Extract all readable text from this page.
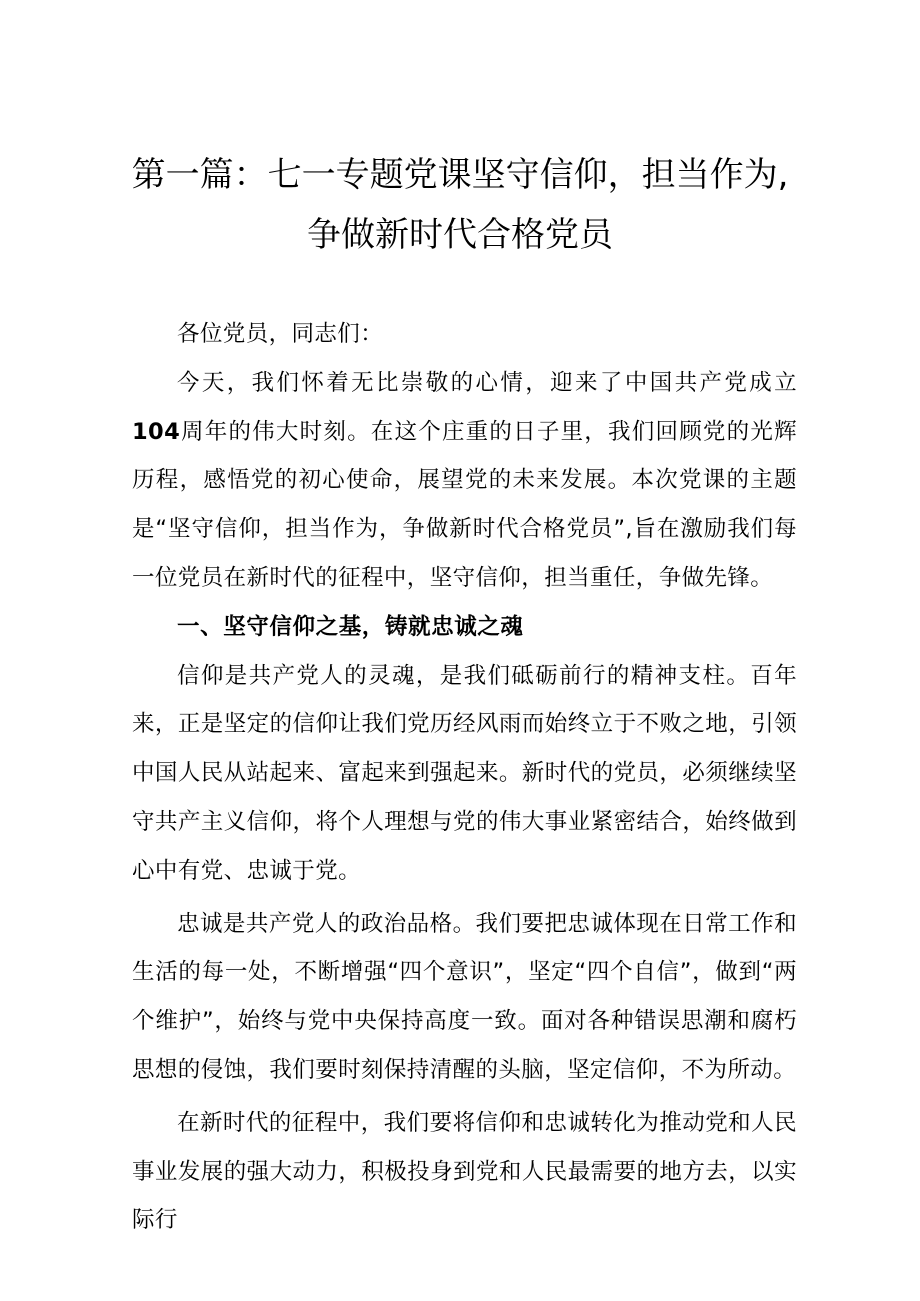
第一篇：七一专题党课坚守信仰，担当作为,
争做新时代合格党员

各位党员，同志们：

今天，我们怀着无比崇敬的心情，迎来了中国共产党成立104周年的伟大时刻。在这个庄重的日子里，我们回顾党的光辉历程，感悟党的初心使命，展望党的未来发展。本次党课的主题是“坚守信仰，担当作为，争做新时代合格党员”,旨在激励我们每一位党员在新时代的征程中，坚守信仰，担当重任，争做先锋。

一、坚守信仰之基，铸就忠诚之魂

信仰是共产党人的灵魂，是我们砥砺前行的精神支柱。百年来，正是坚定的信仰让我们党历经风雨而始终立于不败之地，引领中国人民从站起来、富起来到强起来。新时代的党员，必须继续坚守共产主义信仰，将个人理想与党的伟大事业紧密结合，始终做到心中有党、忠诚于党。

忠诚是共产党人的政治品格。我们要把忠诚体现在日常工作和生活的每一处，不断增强“四个意识”，坚定“四个自信”，做到“两个维护”，始终与党中央保持高度一致。面对各种错误思潮和腐朽思想的侵蚀，我们要时刻保持清醒的头脑，坚定信仰，不为所动。

在新时代的征程中，我们要将信仰和忠诚转化为推动党和人民事业发展的强大动力，积极投身到党和人民最需要的地方去，以实际行
